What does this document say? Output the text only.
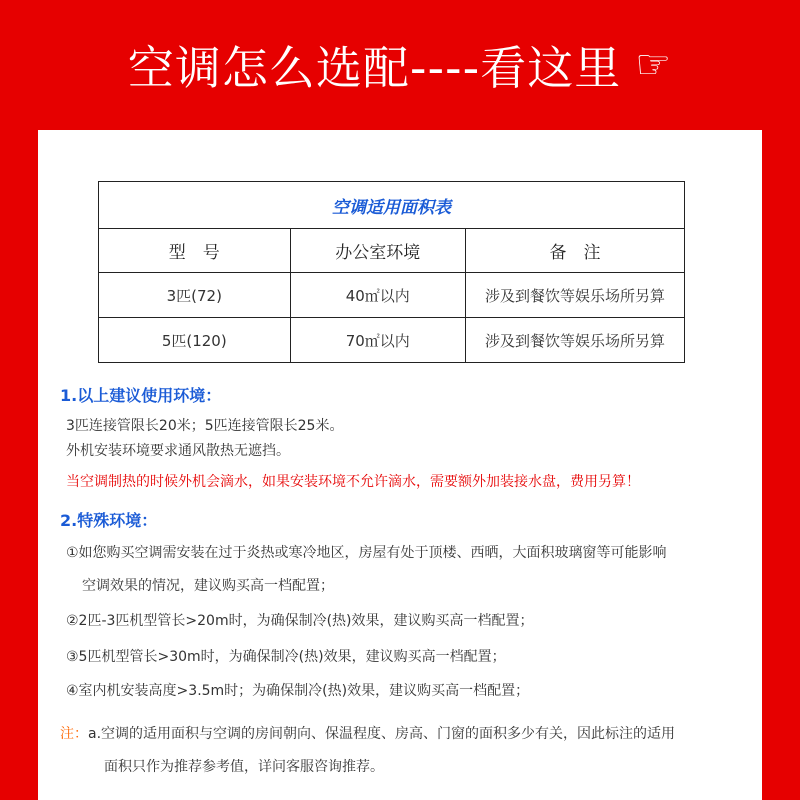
空调怎么选配----看这里 ☞
空调适用面积表		
型　号	办公室环境	备　注
3匹(72)	40㎡以内	涉及到餐饮等娱乐场所另算
5匹(120)	70㎡以内	涉及到餐饮等娱乐场所另算
1.以上建议使用环境：
3匹连接管限长20米；5匹连接管限长25米。
外机安装环境要求通风散热无遮挡。
当空调制热的时候外机会滴水，如果安装环境不允许滴水，需要额外加装接水盘，费用另算！
2.特殊环境：
①如您购买空调需安装在过于炎热或寒冷地区，房屋有处于顶楼、西晒，大面积玻璃窗等可能影响
空调效果的情况，建议购买高一档配置；
②2匹-3匹机型管长>20m时，为确保制冷(热)效果，建议购买高一档配置；
③5匹机型管长>30m时，为确保制冷(热)效果，建议购买高一档配置；
④室内机安装高度>3.5m时；为确保制冷(热)效果，建议购买高一档配置；
注：a.空调的适用面积与空调的房间朝向、保温程度、房高、门窗的面积多少有关，因此标注的适用
面积只作为推荐参考值，详问客服咨询推荐。
